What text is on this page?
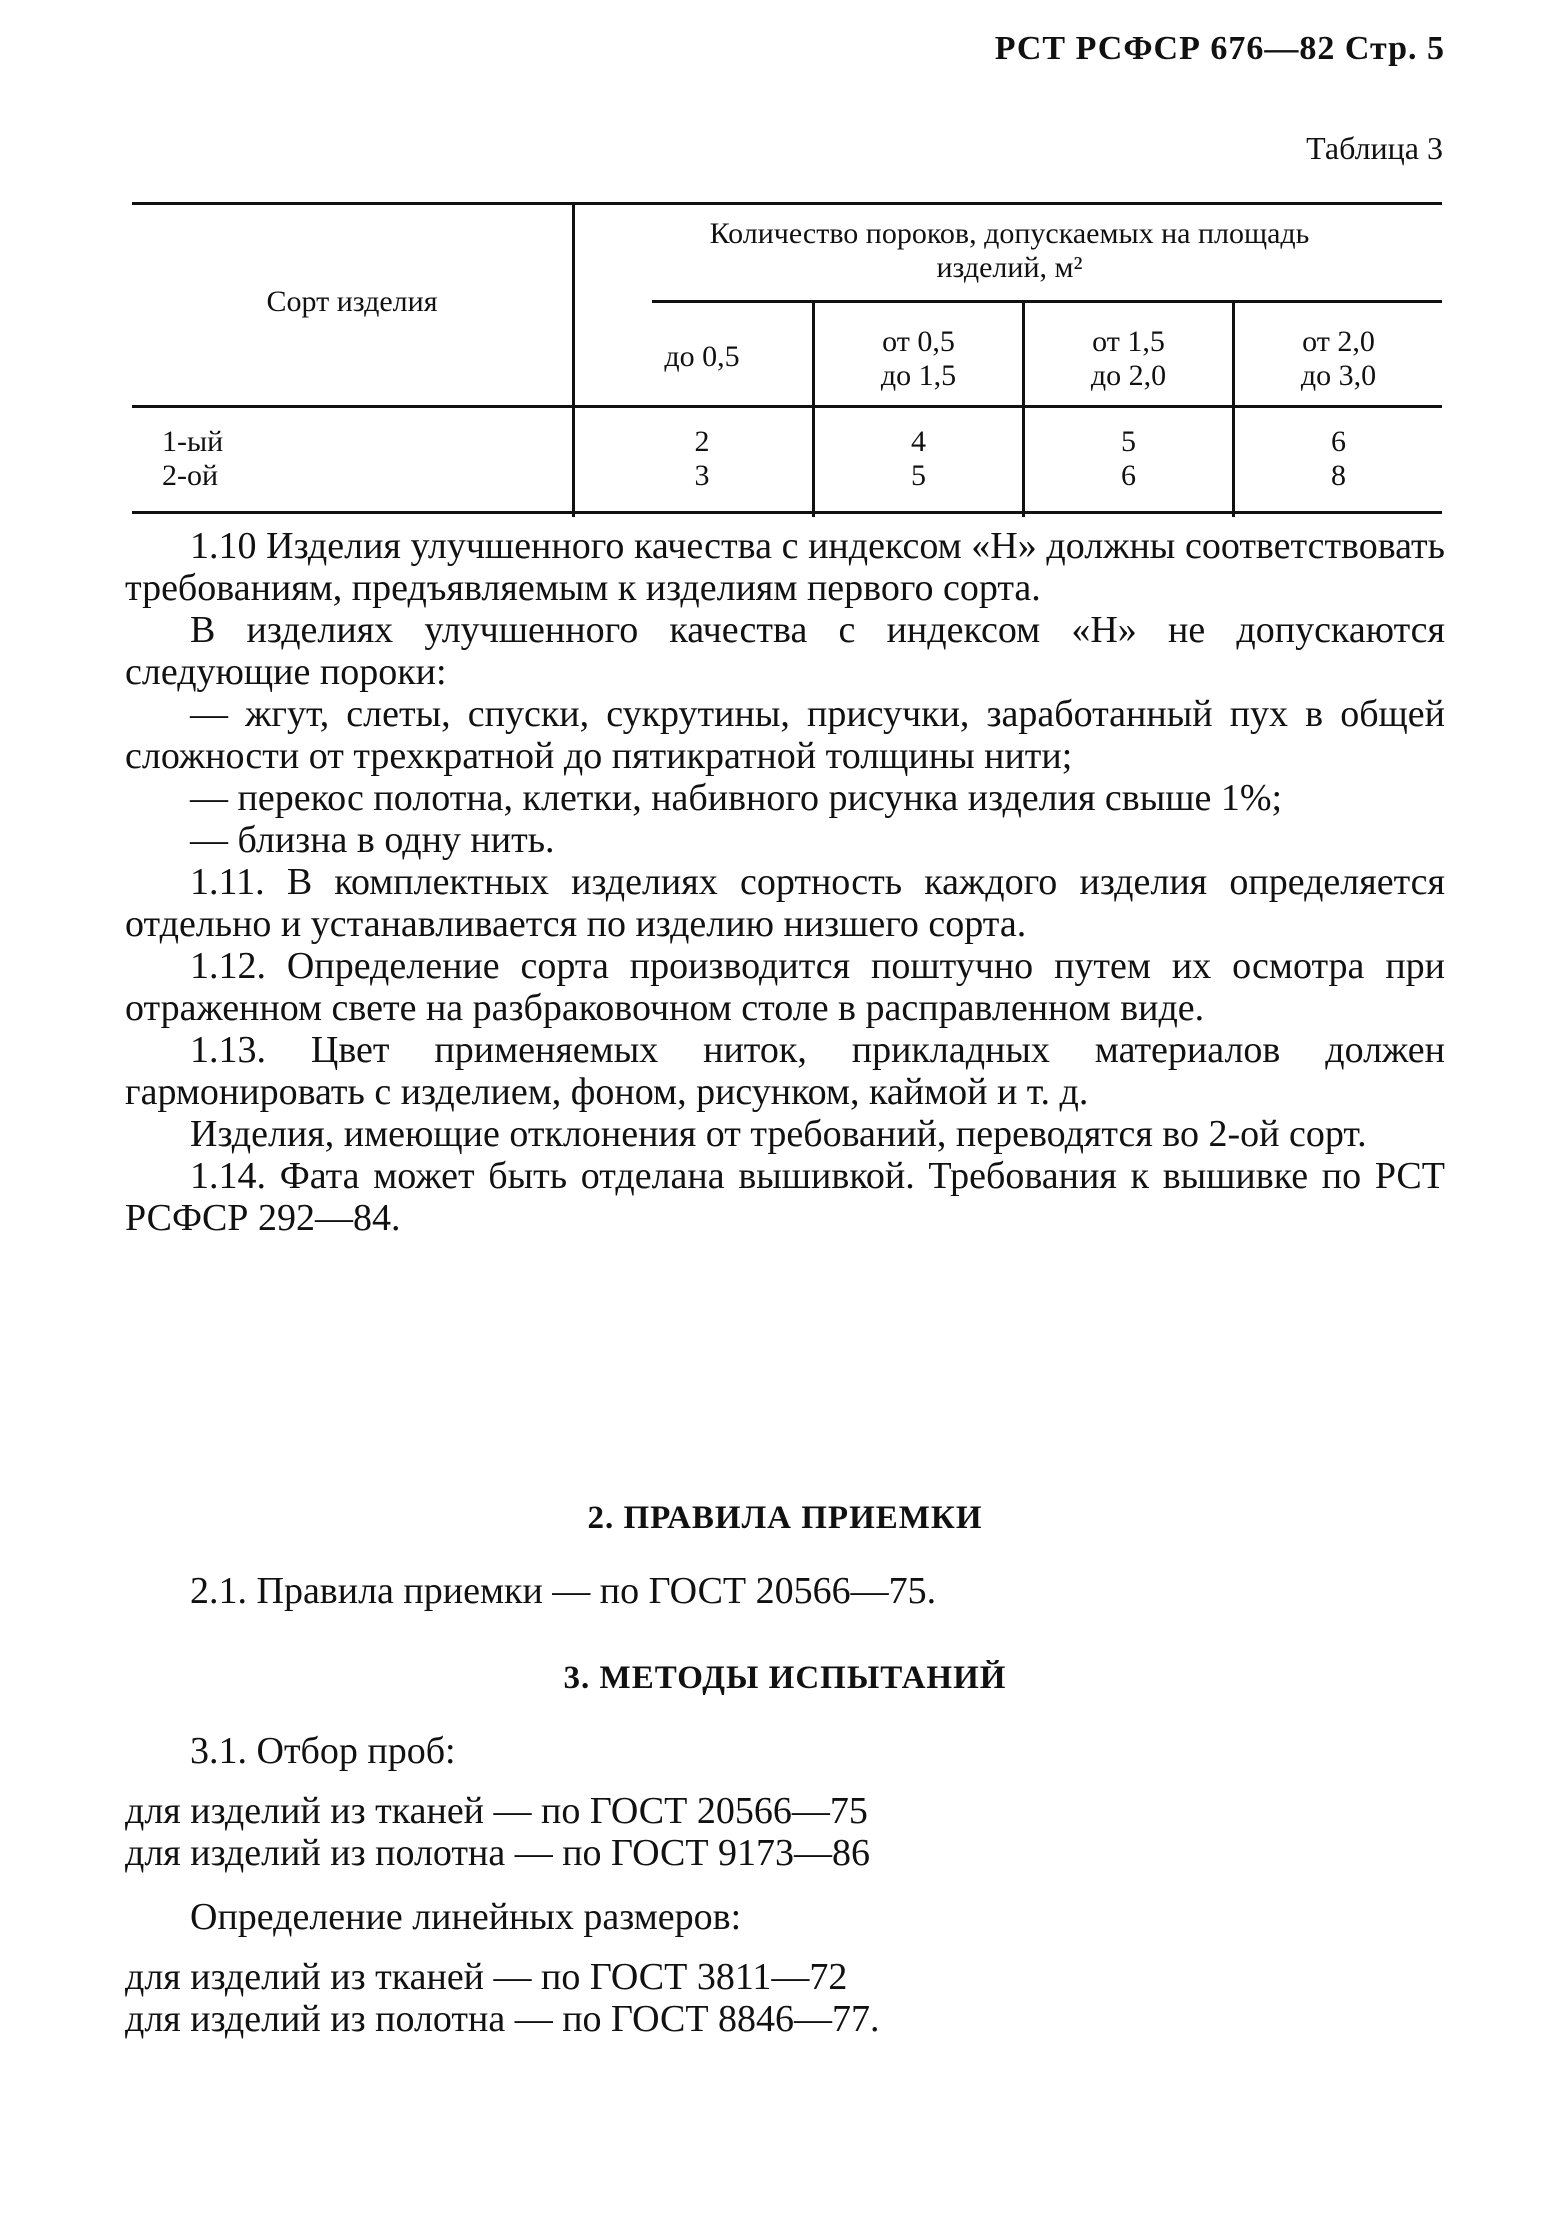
РСТ РСФСР 676—82 Стр. 5
Таблица 3
Сорт изделия
Количество пороков, допускаемых на площадь
изделий, м²
до 0,5	от 0,5
до 1,5
от 1,5
до 2,0
от 2,0
до 3,0
1-ый
2-ой
2
3
4
5
5
6
6
8

1.10 Изделия улучшенного качества с индексом «Н» должны соответствовать требованиям, предъявляемым к изделиям первого сорта.

В изделиях улучшенного качества с индексом «Н» не допускаются следующие пороки:

— жгут, слеты, спуски, сукрутины, присучки, заработанный пух в общей сложности от трехкратной до пятикратной толщины нити;

— перекос полотна, клетки, набивного рисунка изделия свыше 1%;

— близна в одну нить.

1.11. В комплектных изделиях сортность каждого изделия определяется отдельно и устанавливается по изделию низшего сорта.

1.12. Определение сорта производится поштучно путем их осмотра при отраженном свете на разбраковочном столе в расправленном виде.

1.13. Цвет применяемых ниток, прикладных материалов должен гармонировать с изделием, фоном, рисунком, каймой и т. д.

Изделия, имеющие отклонения от требований, переводятся во 2-ой сорт.

1.14. Фата может быть отделана вышивкой. Требования к вышивке по РСТ РСФСР 292—84.

2. ПРАВИЛА ПРИЕМКИ

2.1. Правила приемки — по ГОСТ 20566—75.

3. МЕТОДЫ ИСПЫТАНИЙ

3.1. Отбор проб:

для изделий из тканей — по ГОСТ 20566—75

для изделий из полотна — по ГОСТ 9173—86

Определение линейных размеров:

для изделий из тканей — по ГОСТ 3811—72

для изделий из полотна — по ГОСТ 8846—77.
